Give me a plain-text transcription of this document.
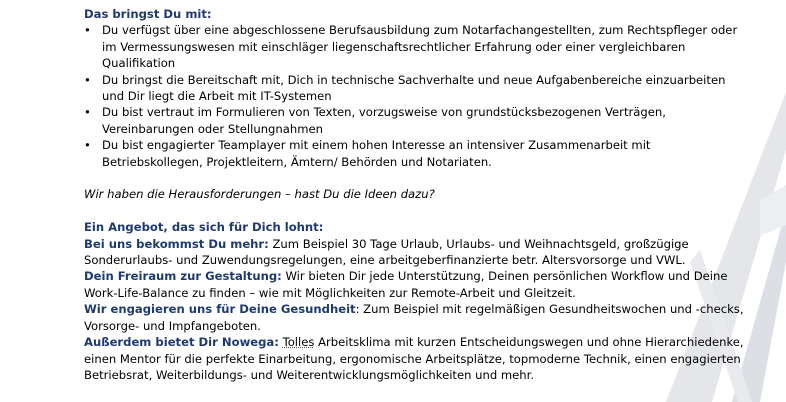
Das bringst Du mit:
• Du verfügst über eine abgeschlossene Berufsausbildung zum Notarfachangestellten, zum Rechtspfleger oder im Vermessungswesen mit einschläger liegenschaftsrechtlicher Erfahrung oder einer vergleichbaren Qualifikation
• Du bringst die Bereitschaft mit, Dich in technische Sachverhalte und neue Aufgabenbereiche einzuarbeiten und Dir liegt die Arbeit mit IT-Systemen
• Du bist vertraut im Formulieren von Texten, vorzugsweise von grundstücksbezogenen Verträgen, Vereinbarungen oder Stellungnahmen
• Du bist engagierter Teamplayer mit einem hohen Interesse an intensiver Zusammenarbeit mit Betriebskollegen, Projektleitern, Ämtern/ Behörden und Notariaten.
Wir haben die Herausforderungen – hast Du die Ideen dazu?
Ein Angebot, das sich für Dich lohnt:
Bei uns bekommst Du mehr: Zum Beispiel 30 Tage Urlaub, Urlaubs- und Weihnachtsgeld, großzügige Sonderurlaubs- und Zuwendungsregelungen, eine arbeitgeberfinanzierte betr. Altersvorsorge und VWL.
Dein Freiraum zur Gestaltung: Wir bieten Dir jede Unterstützung, Deinen persönlichen Workflow und Deine Work-Life-Balance zu finden – wie mit Möglichkeiten zur Remote-Arbeit und Gleitzeit.
Wir engagieren uns für Deine Gesundheit: Zum Beispiel mit regelmäßigen Gesundheitswochen und -checks, Vorsorge- und Impfangeboten.
Außerdem bietet Dir Nowega: Tolles Arbeitsklima mit kurzen Entscheidungswegen und ohne Hierarchiedenke, einen Mentor für die perfekte Einarbeitung, ergonomische Arbeitsplätze, topmoderne Technik, einen engagierten Betriebsrat, Weiterbildungs- und Weiterentwicklungsmöglichkeiten und mehr.
